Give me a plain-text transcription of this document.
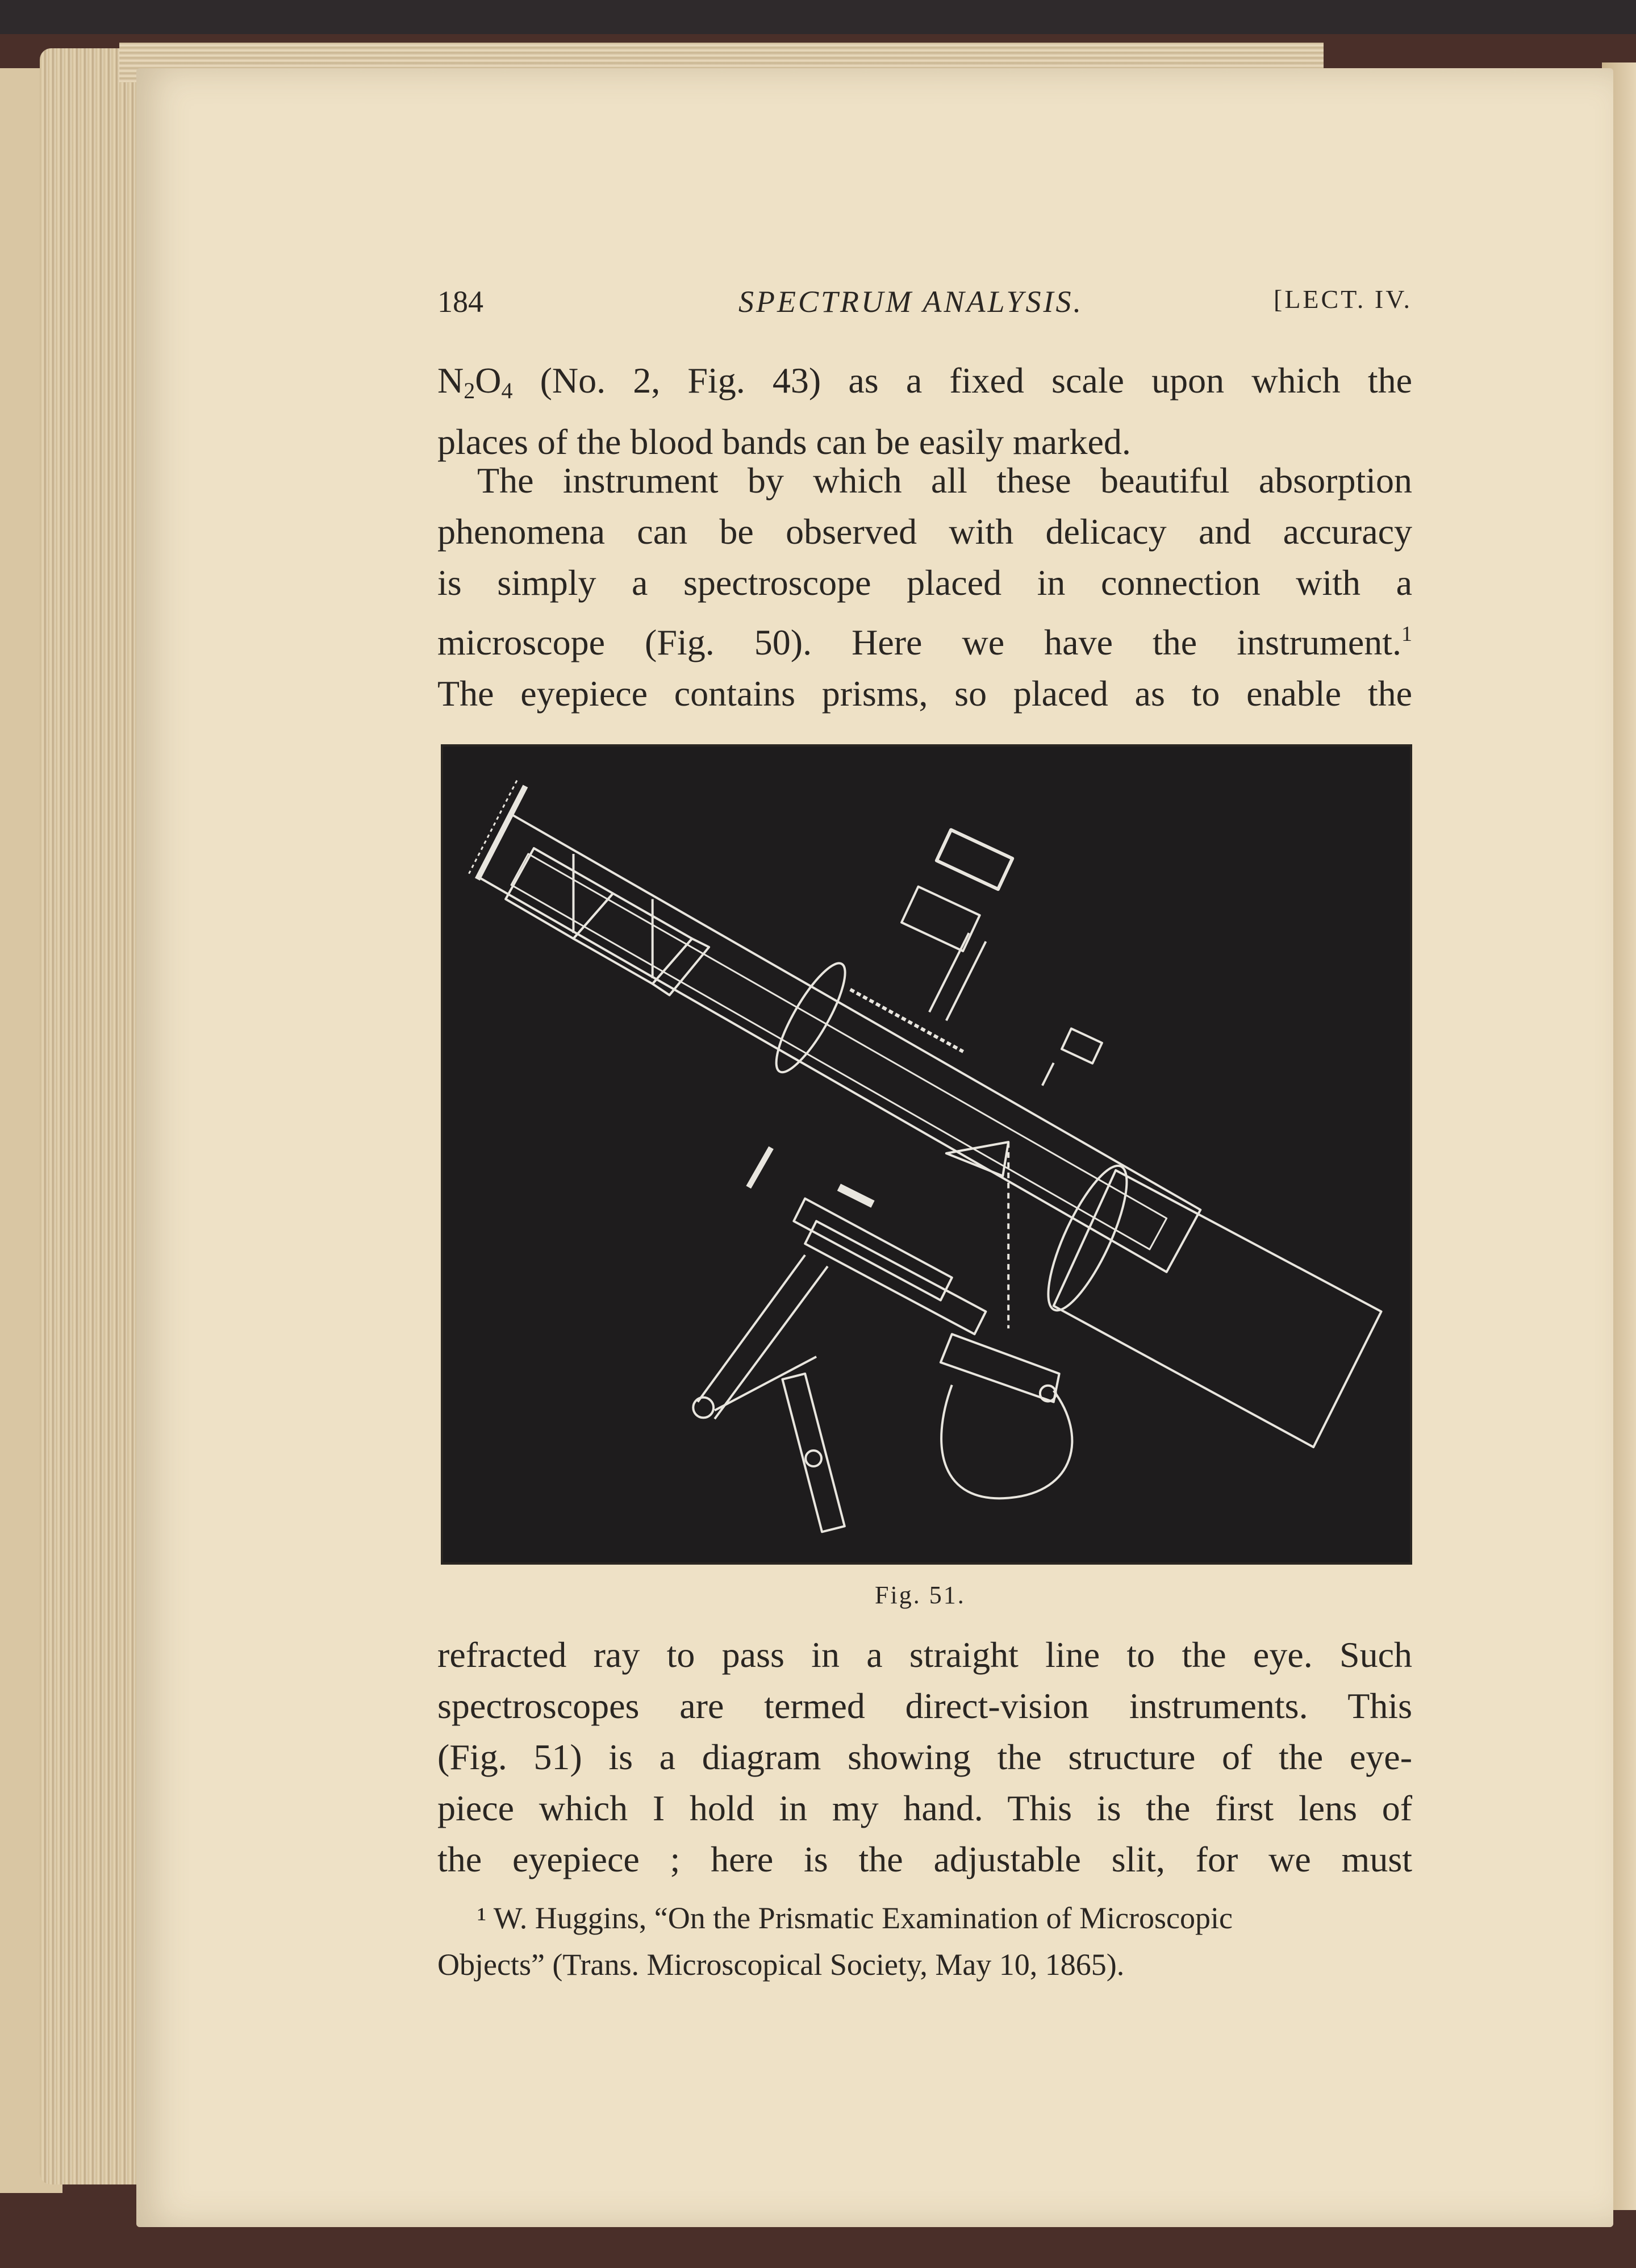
184	SPECTRUM ANALYSIS.	[LECT. IV.
$N_2O_4$ (No. 2, Fig. 43) as a fixed scale upon which the
places of the blood bands can be easily marked.
The instrument by which all these beautiful absorption
phenomena can be observed with delicacy and accuracy
is simply a spectroscope placed in connection with a
microscope (Fig. 50). Here we have the instrument.$^1$
The eyepiece contains prisms, so placed as to enable the
Fig. 51.
refracted ray to pass in a straight line to the eye. Such
spectroscopes are termed direct-vision instruments. This
(Fig. 51) is a diagram showing the structure of the eye-
piece which I hold in my hand. This is the first lens of
the eyepiece ; here is the adjustable slit, for we must
¹ W. Huggins, “On the Prismatic Examination of Microscopic
Objects” (Trans. Microscopical Society, May 10, 1865).
